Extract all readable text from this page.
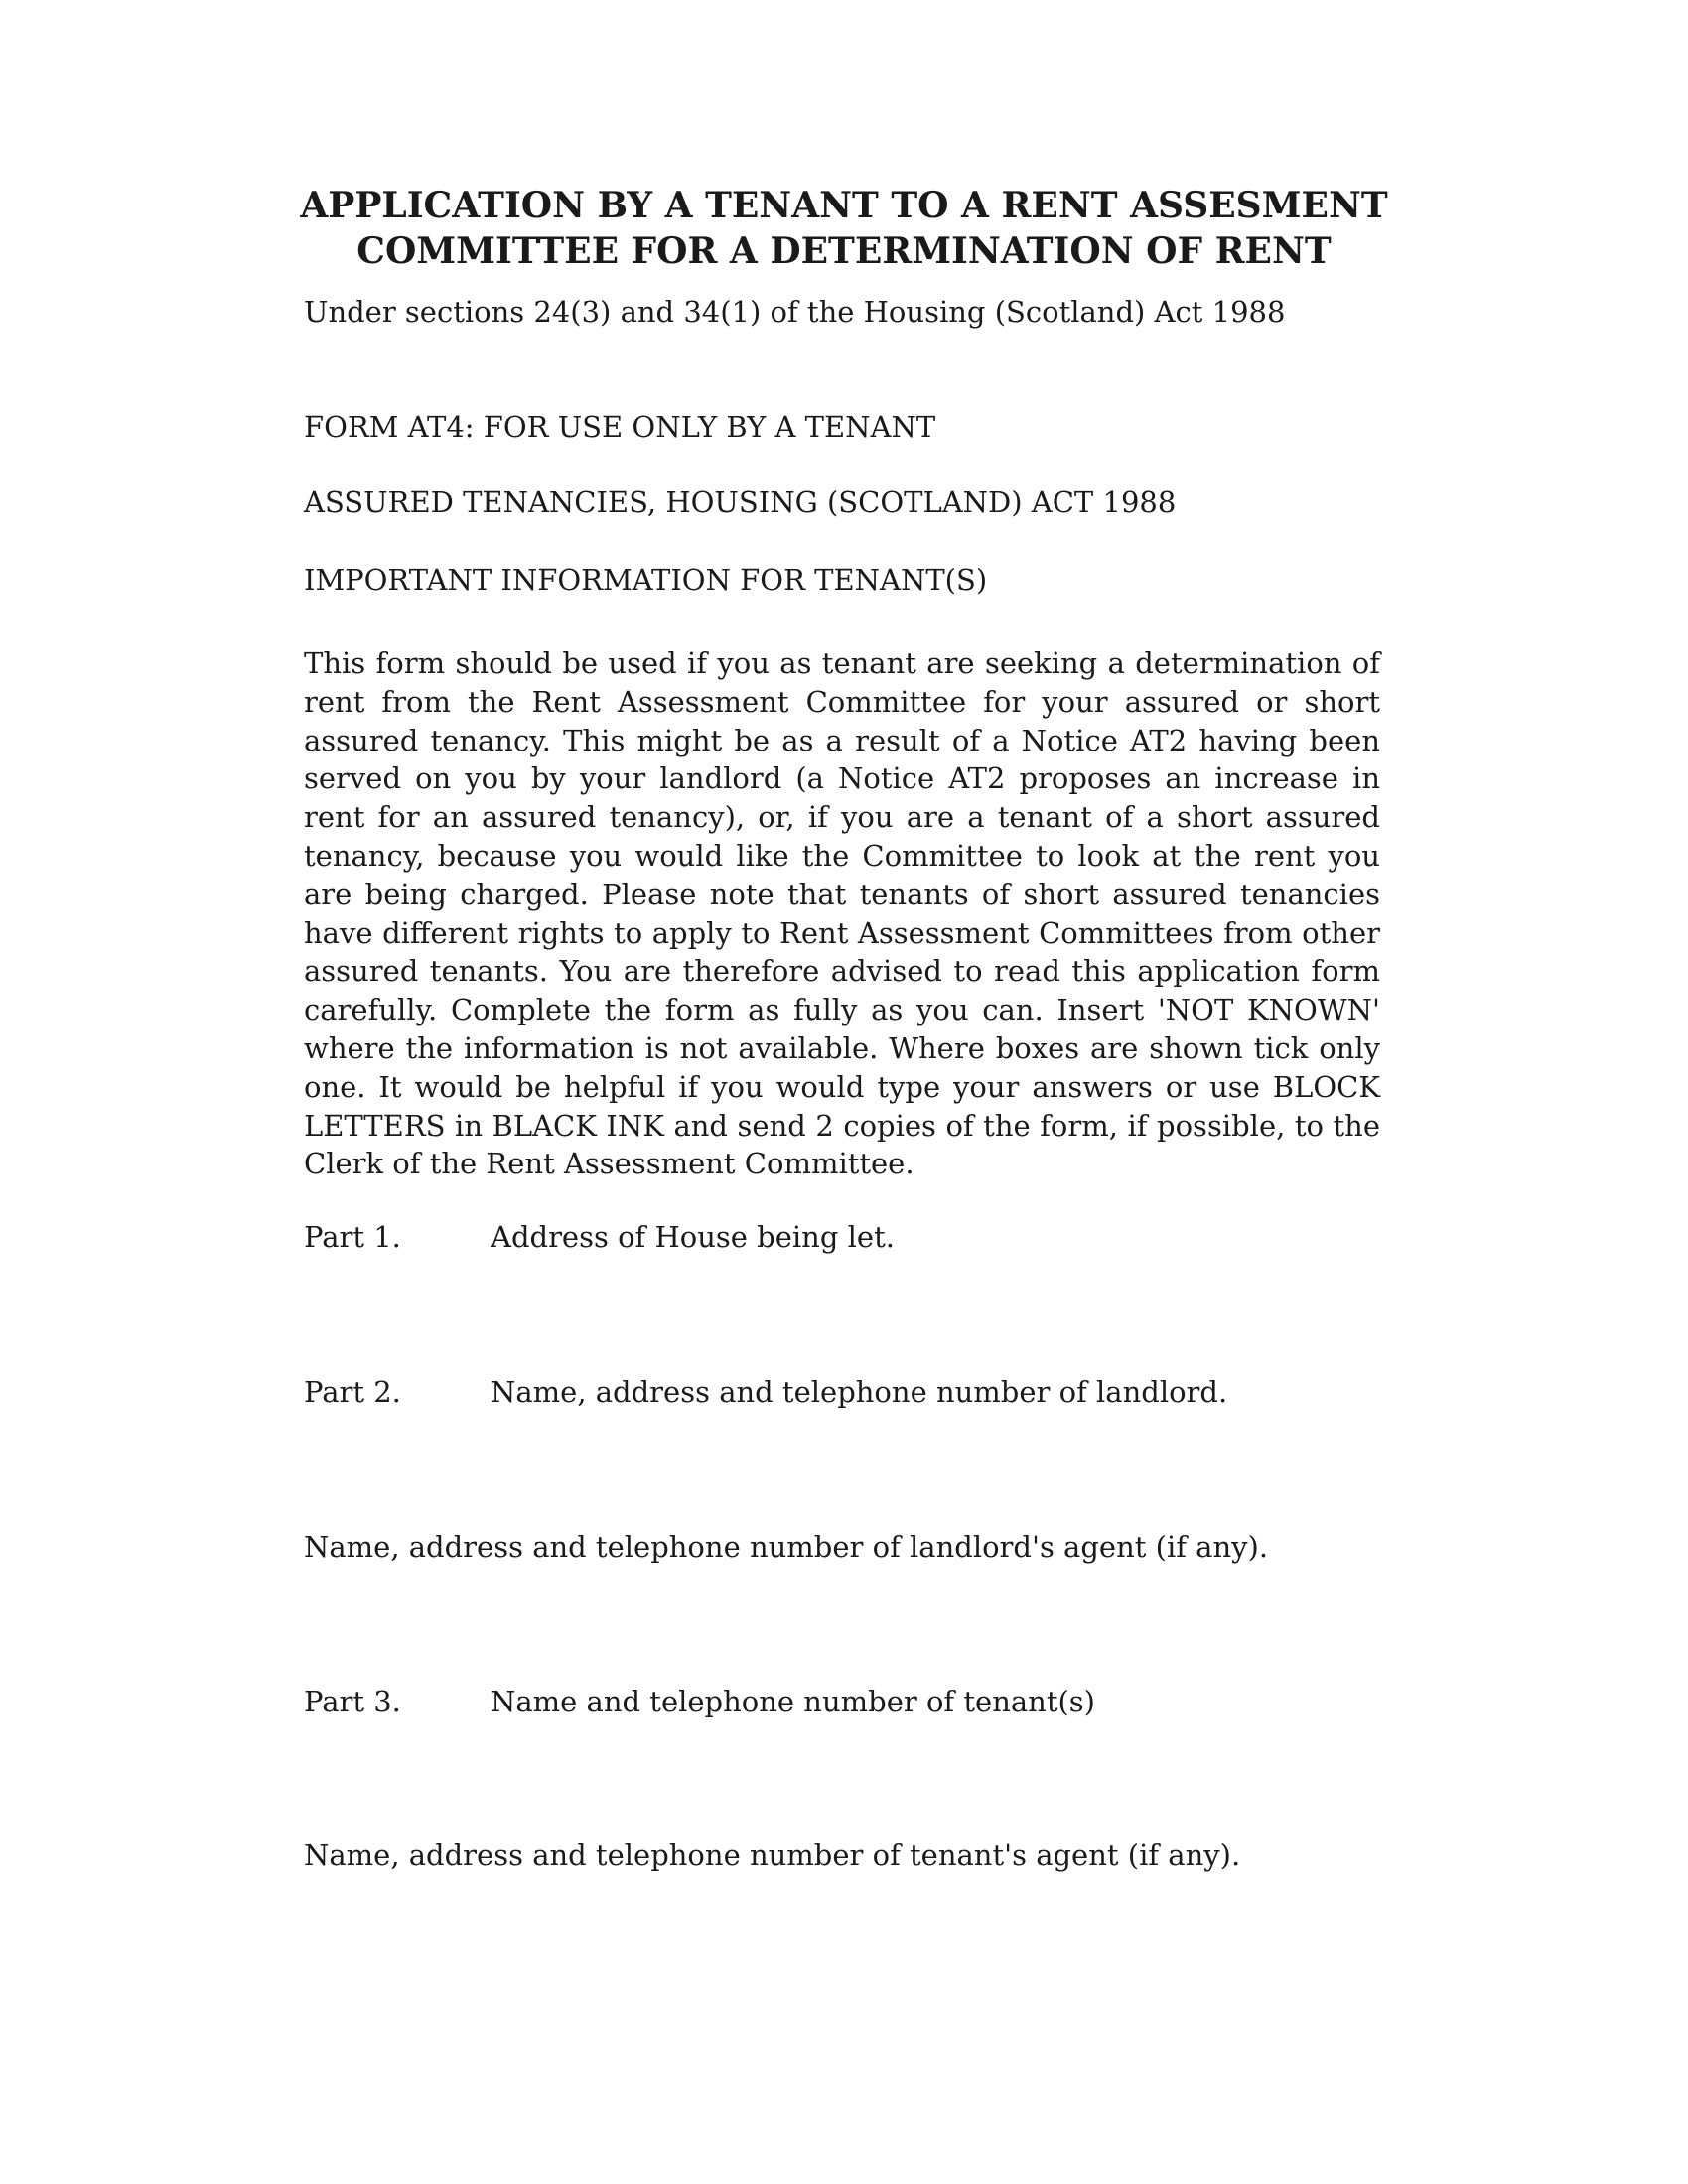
APPLICATION BY A TENANT TO A RENT ASSESMENT
COMMITTEE FOR A DETERMINATION OF RENT

Under sections 24(3) and 34(1) of the Housing (Scotland) Act 1988

FORM AT4: FOR USE ONLY BY A TENANT

ASSURED TENANCIES, HOUSING (SCOTLAND) ACT 1988

IMPORTANT INFORMATION FOR TENANT(S)

This form should be used if you as tenant are seeking a determination of rent from the Rent Assessment Committee for your assured or short assured tenancy. This might be as a result of a Notice AT2 having been served on you by your landlord (a Notice AT2 proposes an increase in rent for an assured tenancy), or, if you are a tenant of a short assured tenancy, because you would like the Committee to look at the rent you are being charged. Please note that tenants of short assured tenancies have different rights to apply to Rent Assessment Committees from other assured tenants. You are therefore advised to read this application form carefully. Complete the form as fully as you can. Insert 'NOT KNOWN' where the information is not available. Where boxes are shown tick only one. It would be helpful if you would type your answers or use BLOCK LETTERS in BLACK INK and send 2 copies of the form, if possible, to the Clerk of the Rent Assessment Committee.

Part 1.	Address of House being let.
Part 2.	Name, address and telephone number of landlord.

Name, address and telephone number of landlord's agent (if any).

Part 3.	Name and telephone number of tenant(s)

Name, address and telephone number of tenant's agent (if any).
